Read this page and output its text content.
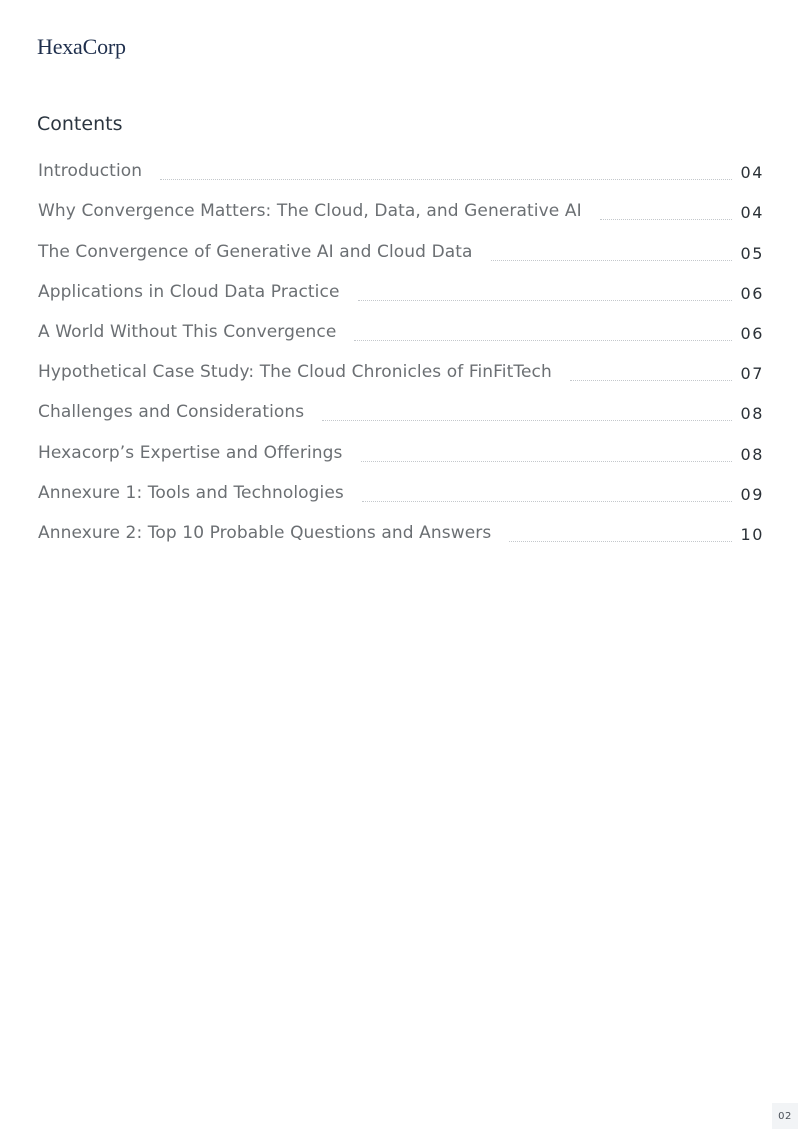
HexaCorp
Contents
Introduction	04
Why Convergence Matters: The Cloud, Data, and Generative AI	04
The Convergence of Generative AI and Cloud Data	05
Applications in Cloud Data Practice	06
A World Without This Convergence	06
Hypothetical Case Study: The Cloud Chronicles of FinFitTech	07
Challenges and Considerations	08
Hexacorp’s Expertise and Offerings	08
Annexure 1: Tools and Technologies	09
Annexure 2: Top 10 Probable Questions and Answers	10
02
